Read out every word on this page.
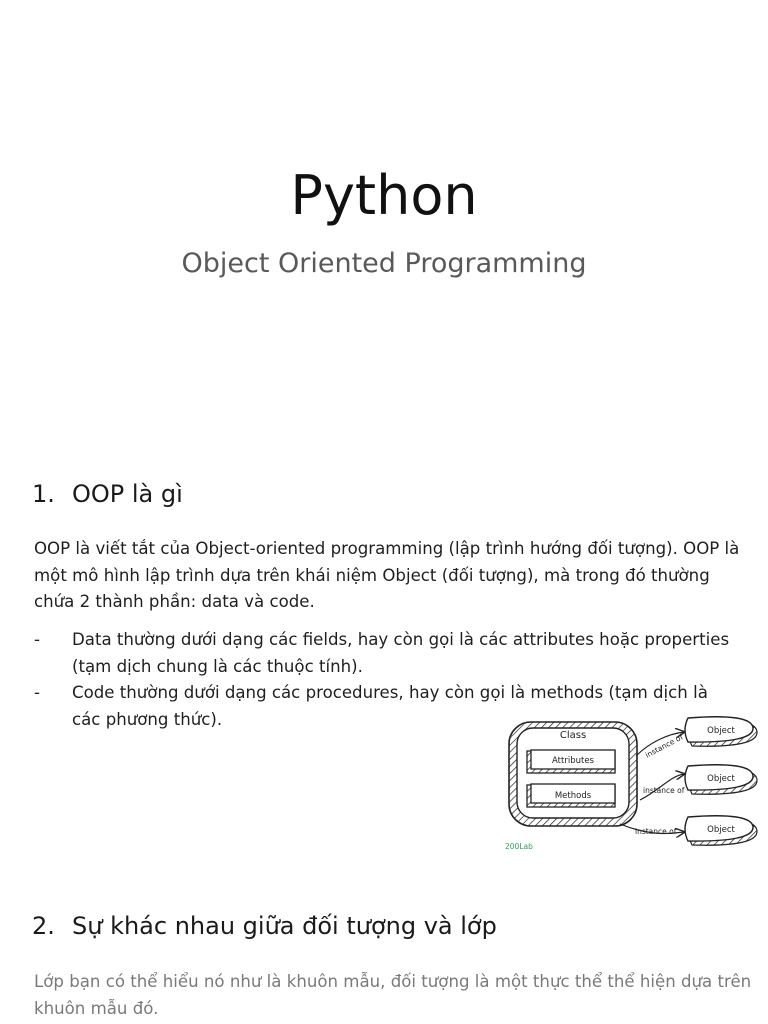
Python
Object Oriented Programming
1. OOP là gì
OOP là viết tắt của Object-oriented programming (lập trình hướng đối tượng). OOP là một mô hình lập trình dựa trên khái niệm Object (đối tượng), mà trong đó thường chứa 2 thành phần: data và code.
- Data thường dưới dạng các fields, hay còn gọi là các attributes hoặc properties (tạm dịch chung là các thuộc tính).
- Code thường dưới dạng các procedures, hay còn gọi là methods (tạm dịch là các phương thức).
Class
Attributes
Methods
instance of
instance of
instance of
Object
Object
Object
200Lab
2. Sự khác nhau giữa đối tượng và lớp
Lớp bạn có thể hiểu nó như là khuôn mẫu, đối tượng là một thực thể thể hiện dựa trên khuôn mẫu đó.
